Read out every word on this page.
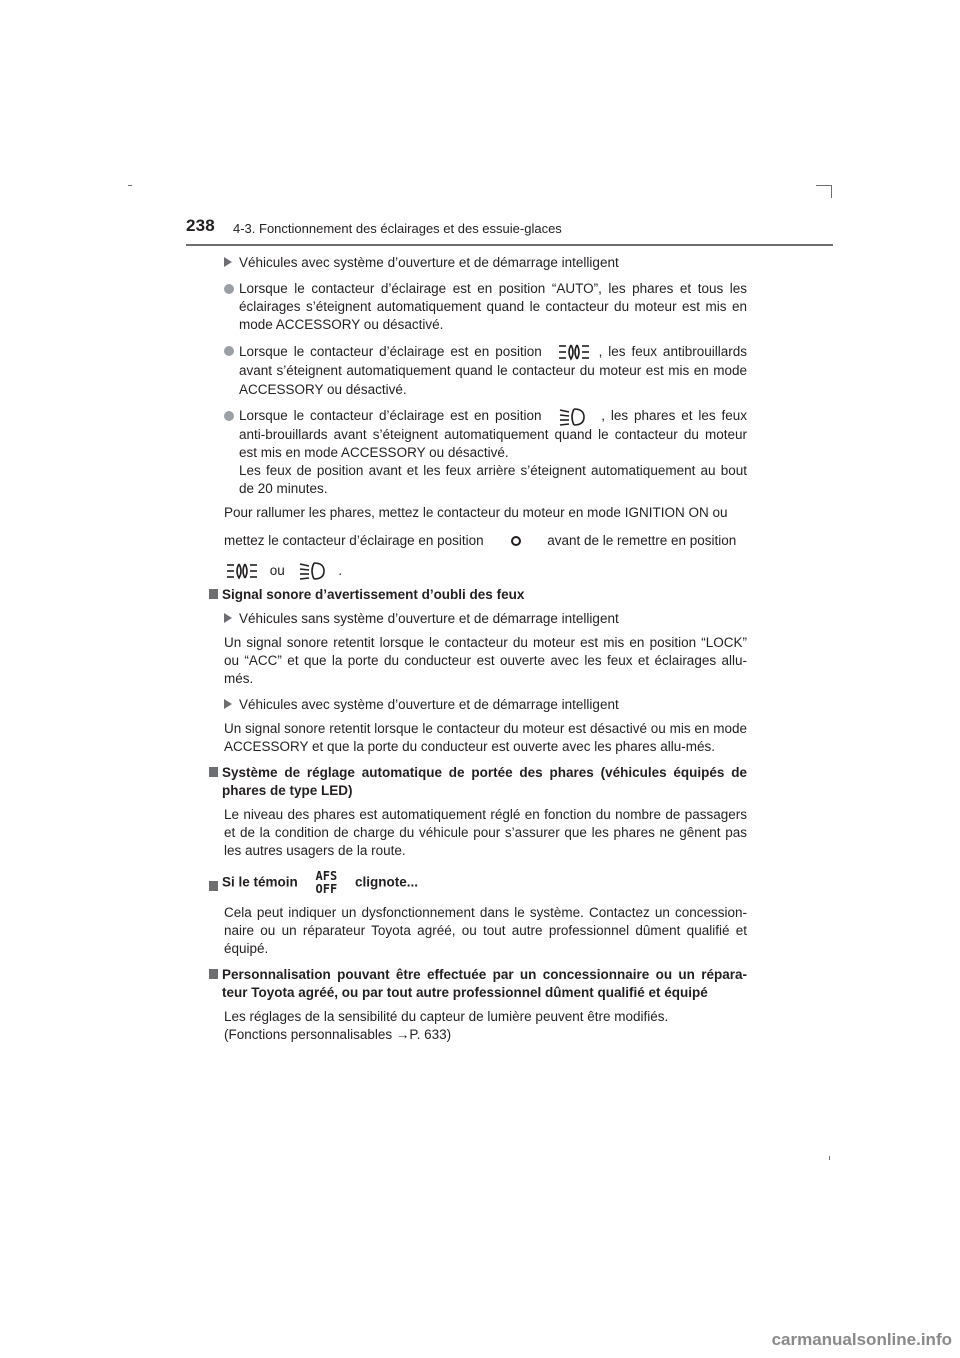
238 4-3. Fonctionnement des éclairages et des essuie-glaces

Véhicules avec système d’ouverture et de démarrage intelligent

Lorsque le contacteur d’éclairage est en position “AUTO”, les phares et tous les éclairages s’éteignent automatiquement quand le contacteur du moteur est mis en mode ACCESSORY ou désactivé.

Lorsque le contacteur d’éclairage est en position	, les feux antibrouillards avant s’éteignent automatiquement quand le contacteur du moteur est mis en mode ACCESSORY ou désactivé.

Lorsque le contacteur d’éclairage est en position	, les phares et les feux anti-brouillards avant s’éteignent automatiquement quand le contacteur du moteur est mis en mode ACCESSORY ou désactivé.
Les feux de position avant et les feux arrière s’éteignent automatiquement au bout de 20 minutes.

Pour rallumer les phares, mettez le contacteur du moteur en mode IGNITION ON ou

mettez le contacteur d’éclairage en position	avant de le remettre en position

ou	.

Signal sonore d’avertissement d’oubli des feux

Véhicules sans système d’ouverture et de démarrage intelligent

Un signal sonore retentit lorsque le contacteur du moteur est mis en position “LOCK” ou “ACC” et que la porte du conducteur est ouverte avec les feux et éclairages allu-més.

Véhicules avec système d’ouverture et de démarrage intelligent

Un signal sonore retentit lorsque le contacteur du moteur est désactivé ou mis en mode ACCESSORY et que la porte du conducteur est ouverte avec les phares allu-més.

Système de réglage automatique de portée des phares (véhicules équipés de phares de type LED)

Le niveau des phares est automatiquement réglé en fonction du nombre de passagers et de la condition de charge du véhicule pour s’assurer que les phares ne gênent pas les autres usagers de la route.

Si le témoin AFS
OFF clignote...

Cela peut indiquer un dysfonctionnement dans le système. Contactez un concession-naire ou un réparateur Toyota agréé, ou tout autre professionnel dûment qualifié et équipé.

Personnalisation pouvant être effectuée par un concessionnaire ou un répara-teur Toyota agréé, ou par tout autre professionnel dûment qualifié et équipé

Les réglages de la sensibilité du capteur de lumière peuvent être modifiés.
(Fonctions personnalisables →P. 633)

carmanualsonline.info
